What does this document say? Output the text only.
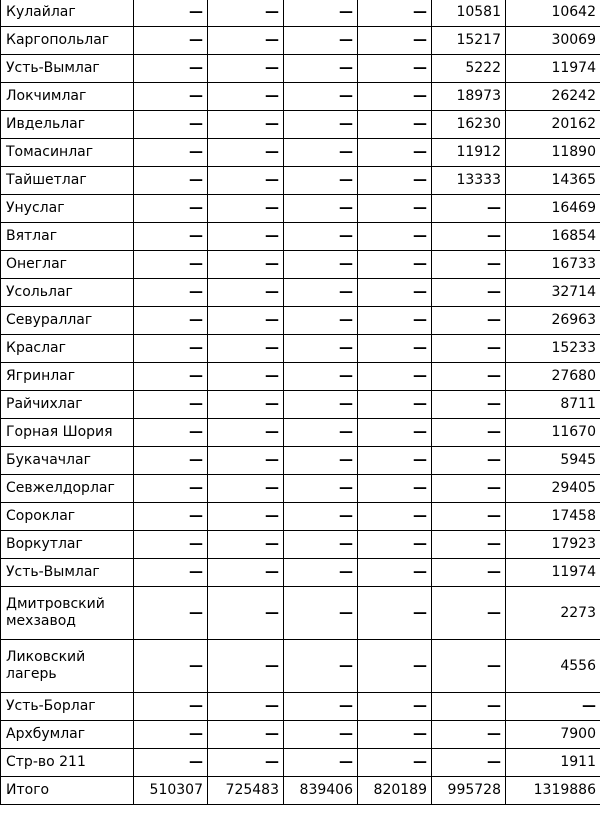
Кулайлаг	—	—	—	—	10581	10642
Каргопольлаг	—	—	—	—	15217	30069
Усть-Вымлаг	—	—	—	—	5222	11974
Локчимлаг	—	—	—	—	18973	26242
Ивдельлаг	—	—	—	—	16230	20162
Томасинлаг	—	—	—	—	11912	11890
Тайшетлаг	—	—	—	—	13333	14365
Унуслаг	—	—	—	—	—	16469
Вятлаг	—	—	—	—	—	16854
Онеглаг	—	—	—	—	—	16733
Усольлаг	—	—	—	—	—	32714
Севураллаг	—	—	—	—	—	26963
Краслаг	—	—	—	—	—	15233
Ягринлаг	—	—	—	—	—	27680
Райчихлаг	—	—	—	—	—	8711
Горная Шория	—	—	—	—	—	11670
Букачачлаг	—	—	—	—	—	5945
Севжелдорлаг	—	—	—	—	—	29405
Сороклаг	—	—	—	—	—	17458
Воркутлаг	—	—	—	—	—	17923
Усть-Вымлаг	—	—	—	—	—	11974
Дмитровский мехзавод	—	—	—	—	—	2273
Ликовский лагерь	—	—	—	—	—	4556
Усть-Борлаг	—	—	—	—	—	—
Архбумлаг	—	—	—	—	—	7900
Стр-во 211	—	—	—	—	—	1911
Итого	510307	725483	839406	820189	995728	1319886
